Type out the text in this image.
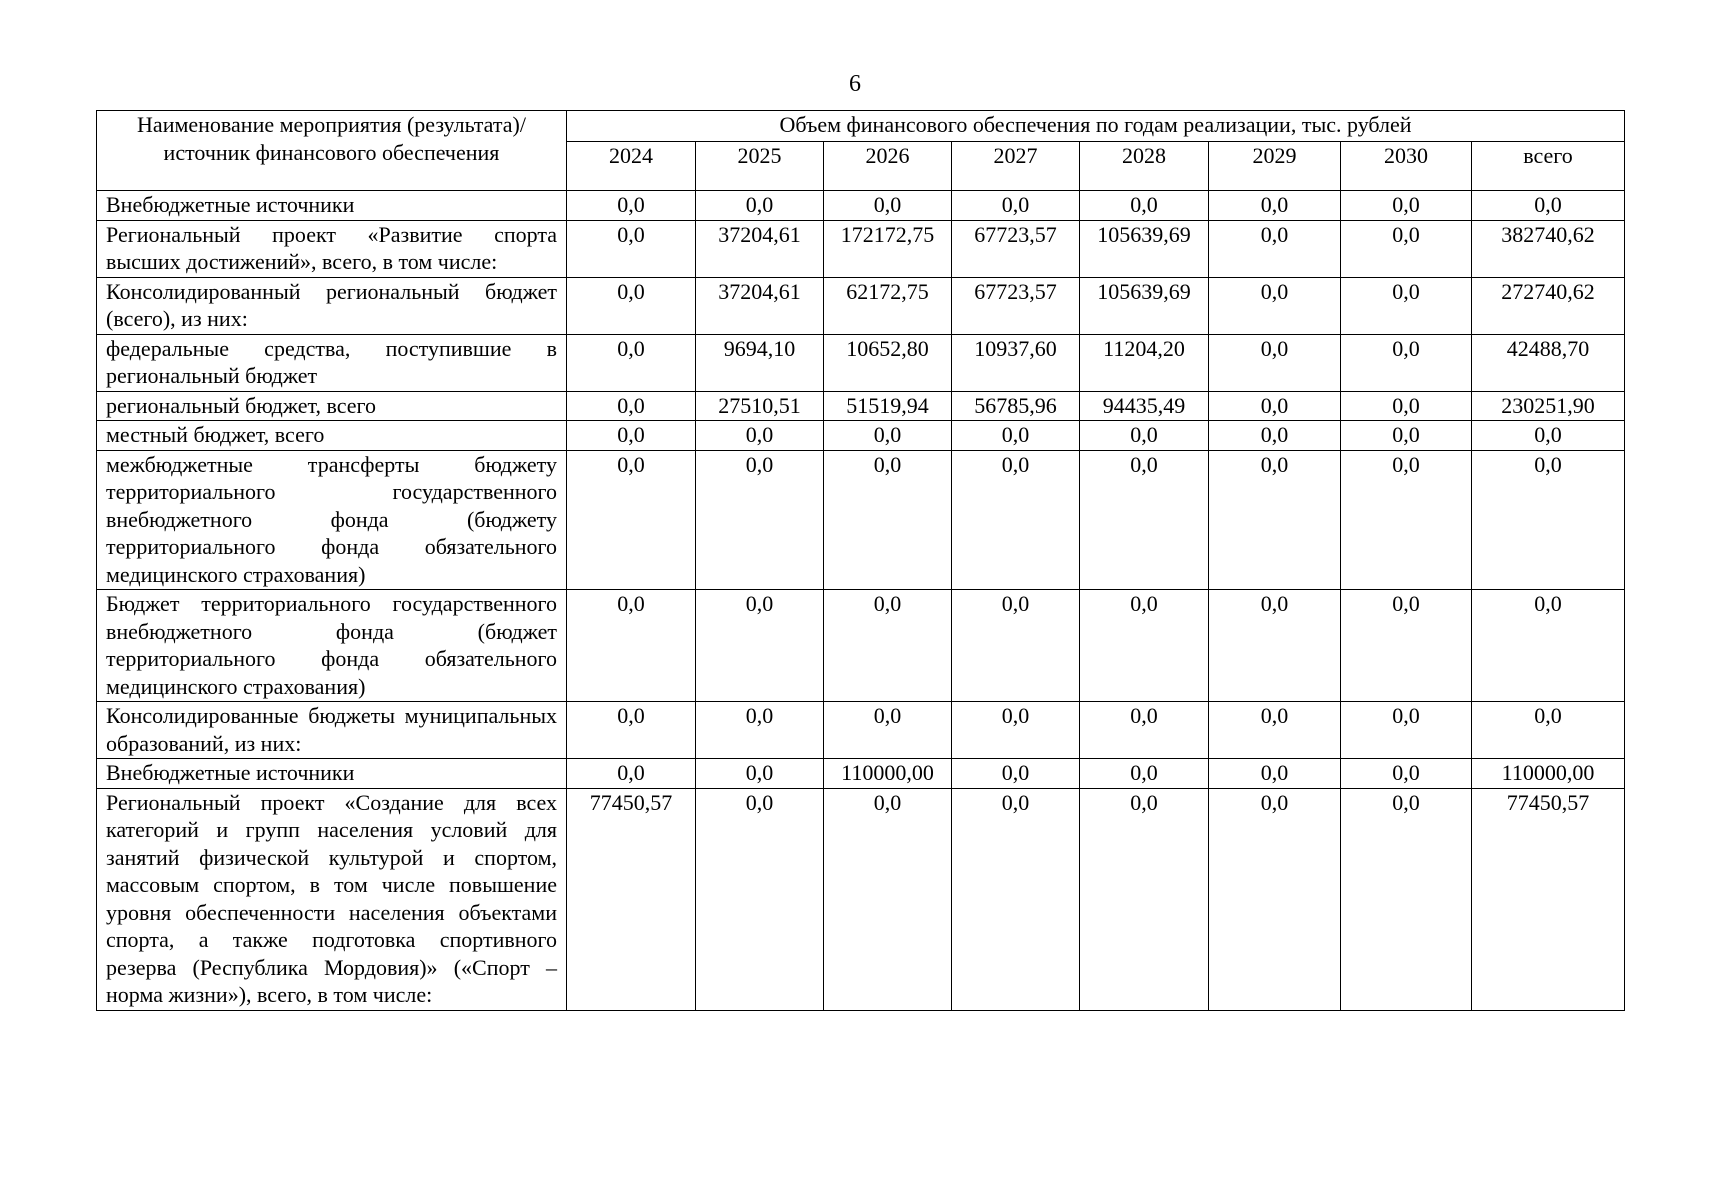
6
Наименование мероприятия (результата)/источник финансового обеспечения	Объем финансового обеспечения по годам реализации, тыс. рублей							
	2024	2025	2026	2027	2028	2029	2030	всего
Внебюджетные источники	0,0	0,0	0,0	0,0	0,0	0,0	0,0	0,0
Региональный проект «Развитие спорта высших достижений», всего, в том числе:	0,0	37204,61	172172,75	67723,57	105639,69	0,0	0,0	382740,62
Консолидированный региональный бюджет (всего), из них:	0,0	37204,61	62172,75	67723,57	105639,69	0,0	0,0	272740,62
федеральные средства, поступившие в региональный бюджет	0,0	9694,10	10652,80	10937,60	11204,20	0,0	0,0	42488,70
региональный бюджет, всего	0,0	27510,51	51519,94	56785,96	94435,49	0,0	0,0	230251,90
местный бюджет, всего	0,0	0,0	0,0	0,0	0,0	0,0	0,0	0,0
межбюджетные трансферты бюджету территориального государственного внебюджетного фонда (бюджету территориального фонда обязательного медицинского страхования)	0,0	0,0	0,0	0,0	0,0	0,0	0,0	0,0
Бюджет территориального государственного внебюджетного фонда (бюджет территориального фонда обязательного медицинского страхования)	0,0	0,0	0,0	0,0	0,0	0,0	0,0	0,0
Консолидированные бюджеты муниципальных образований, из них:	0,0	0,0	0,0	0,0	0,0	0,0	0,0	0,0
Внебюджетные источники	0,0	0,0	110000,00	0,0	0,0	0,0	0,0	110000,00
Региональный проект «Создание для всех категорий и групп населения условий для занятий физической культурой и спортом, массовым спортом, в том числе повышение уровня обеспеченности населения объектами спорта, а также подготовка спортивного резерва (Республика Мордовия)» («Спорт – норма жизни»), всего, в том числе:	77450,57	0,0	0,0	0,0	0,0	0,0	0,0	77450,57
